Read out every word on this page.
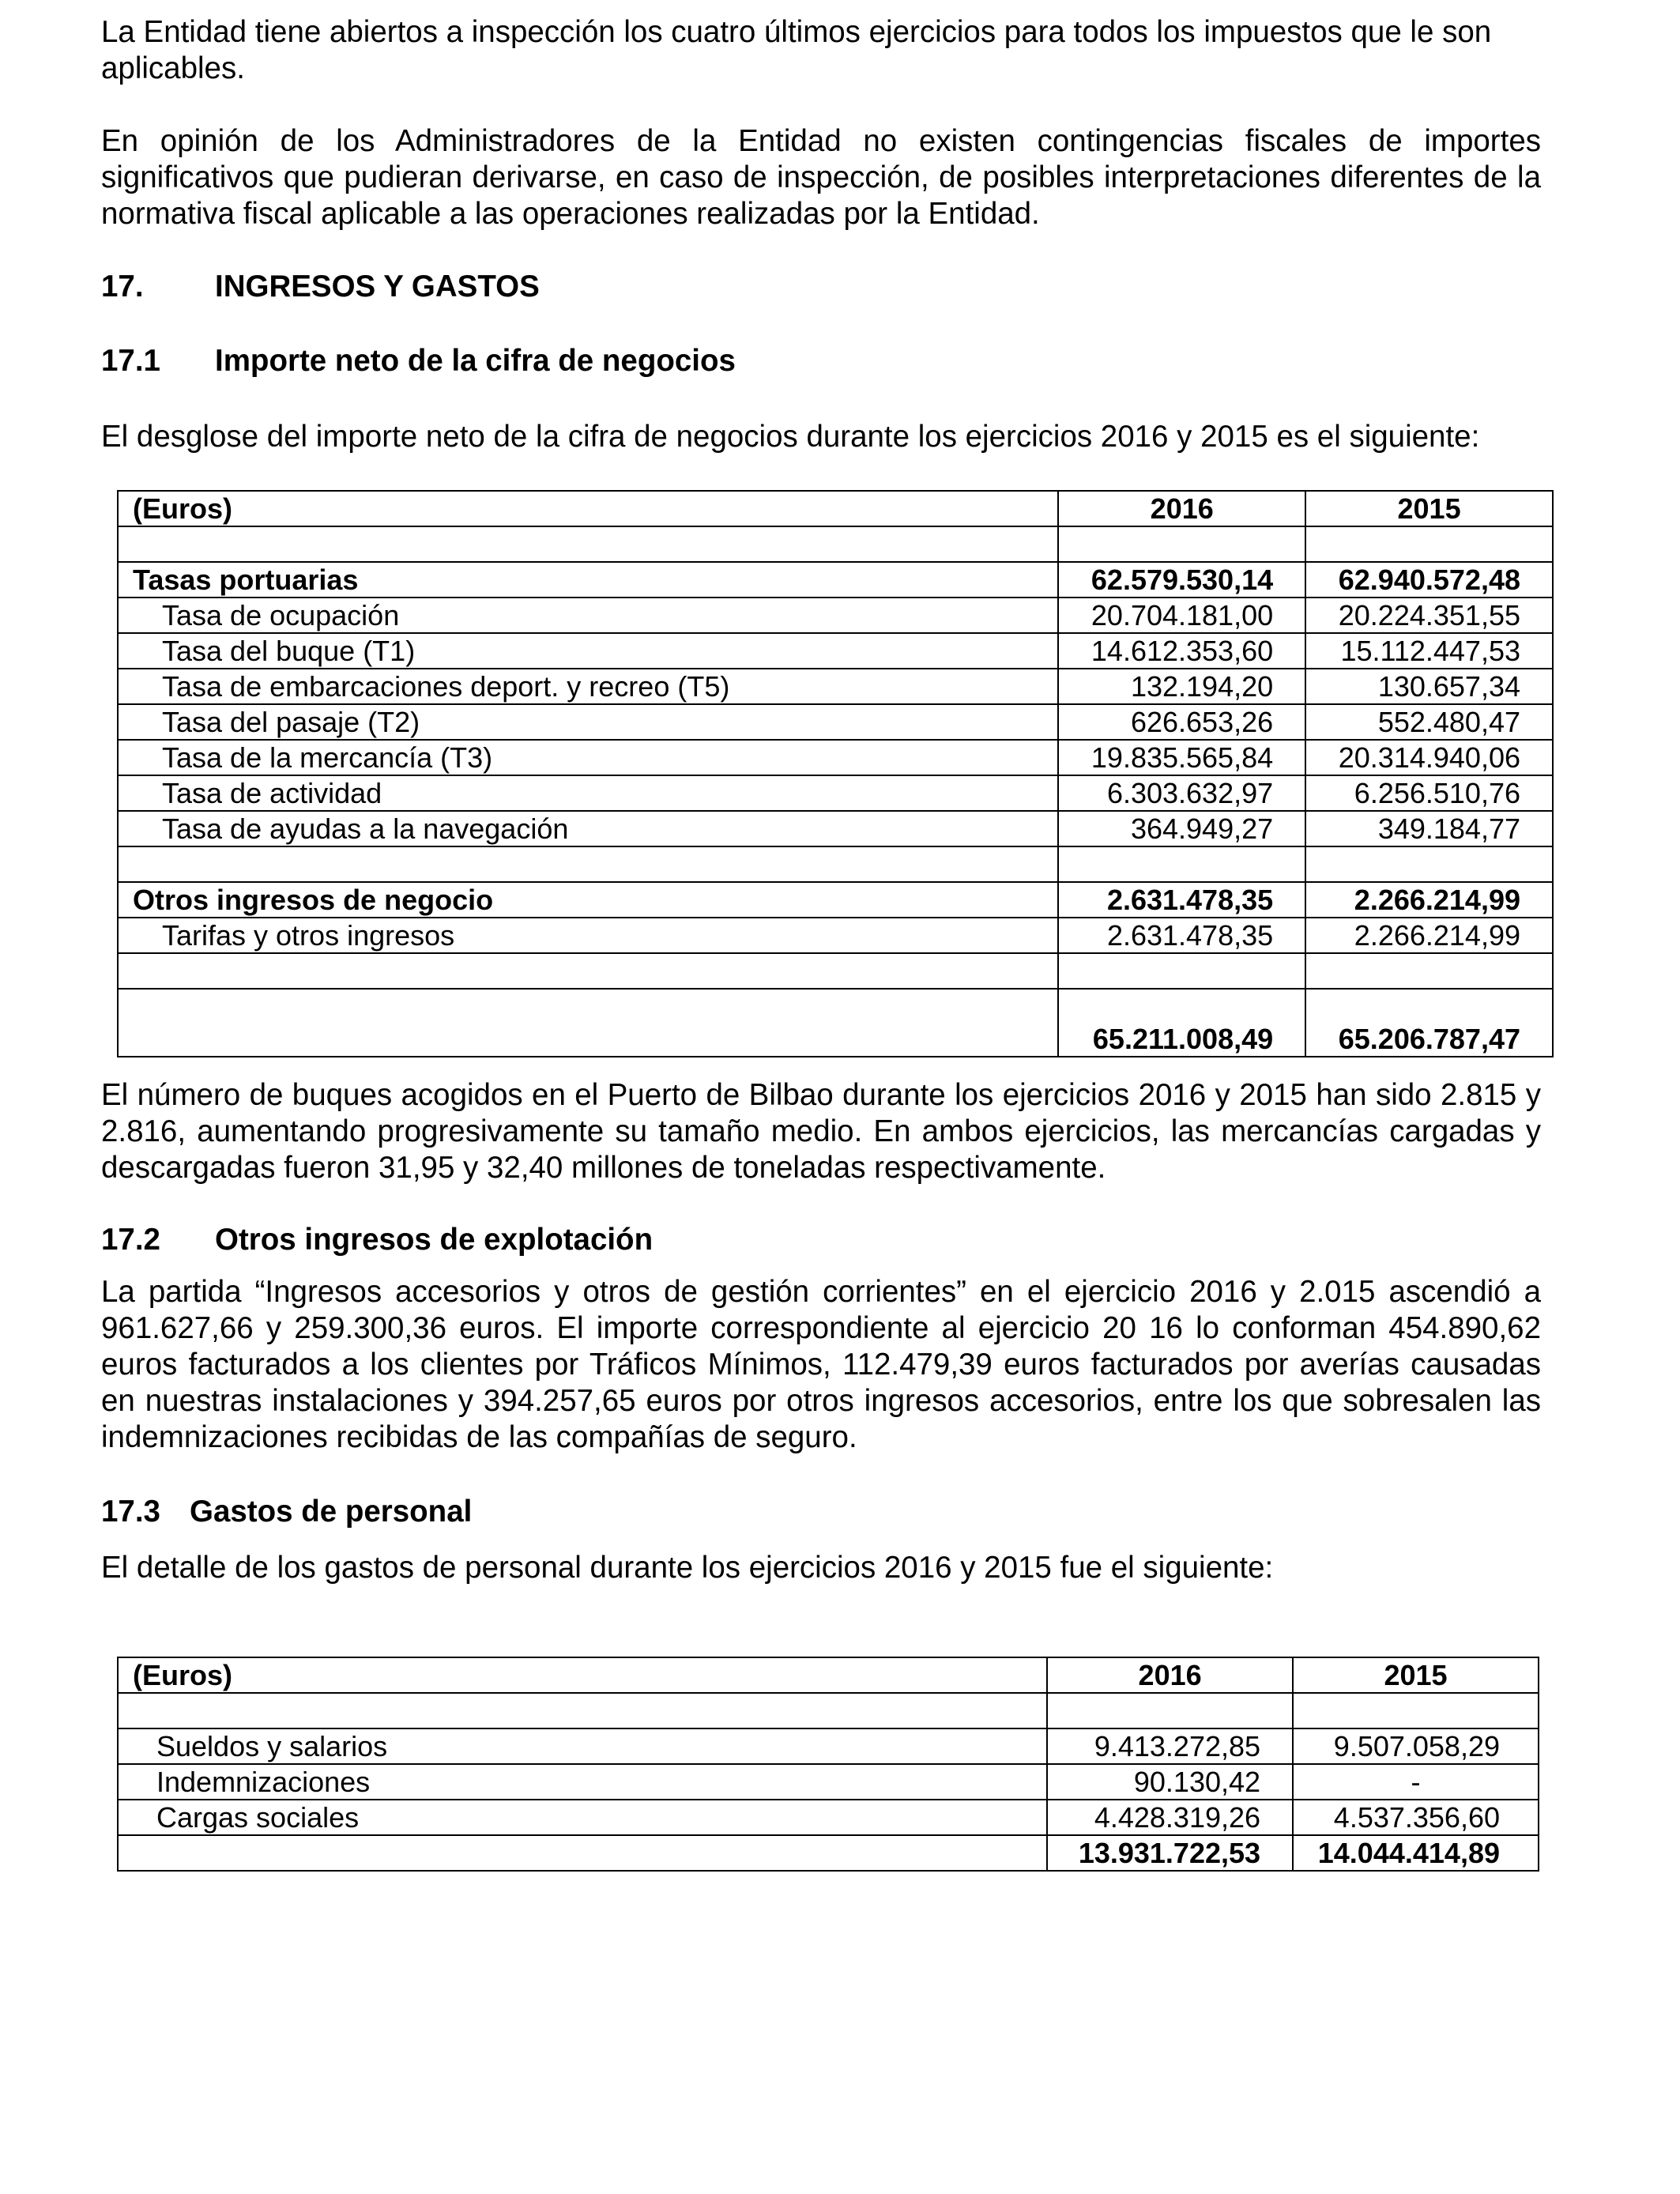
La Entidad tiene abiertos a inspección los cuatro últimos ejercicios para todos los impuestos que le son aplicables.

En opinión de los Administradores de la Entidad no existen contingencias fiscales de importes significativos que pudieran derivarse, en caso de inspección, de posibles interpretaciones diferentes de la normativa fiscal aplicable a las operaciones realizadas por la Entidad.

17.	INGRESOS Y GASTOS
17.1	Importe neto de la cifra de negocios

El desglose del importe neto de la cifra de negocios durante los ejercicios 2016 y 2015 es el siguiente:

El número de buques acogidos en el Puerto de Bilbao durante los ejercicios 2016 y 2015 han sido 2.815 y 2.816, aumentando progresivamente su tamaño medio. En ambos ejercicios, las mercancías cargadas y descargadas fueron 31,95 y 32,40 millones de toneladas respectivamente.

17.2	Otros ingresos de explotación

La partida “Ingresos accesorios y otros de gestión corrientes” en el ejercicio 2016 y 2.015 ascendió a 961.627,66 y 259.300,36 euros. El importe correspondiente al ejercicio 20 16 lo conforman 454.890,62 euros facturados a los clientes por Tráficos Mínimos, 112.479,39 euros facturados por averías causadas en nuestras instalaciones y 394.257,65 euros por otros ingresos accesorios, entre los que sobresalen las indemnizaciones recibidas de las compañías de seguro.

17.3 Gastos de personal

El detalle de los gastos de personal durante los ejercicios 2016 y 2015 fue el siguiente:

(Euros)	2016	2015

Tasas portuarias	62.579.530,14	62.940.572,48
Tasa de ocupación	20.704.181,00	20.224.351,55
Tasa del buque (T1)	14.612.353,60	15.112.447,53
Tasa de embarcaciones deport. y recreo (T5)	132.194,20	130.657,34
Tasa del pasaje (T2)	626.653,26	552.480,47
Tasa de la mercancía (T3)	19.835.565,84	20.314.940,06
Tasa de actividad	6.303.632,97	6.256.510,76
Tasa de ayudas a la navegación	364.949,27	349.184,77

Otros ingresos de negocio	2.631.478,35	2.266.214,99
Tarifas y otros ingresos	2.631.478,35	2.266.214,99

	65.211.008,49	65.206.787,47
(Euros)	2016	2015

Sueldos y salarios	9.413.272,85	9.507.058,29
Indemnizaciones	90.130,42	-
Cargas sociales	4.428.319,26	4.537.356,60
	13.931.722,53	14.044.414,89
